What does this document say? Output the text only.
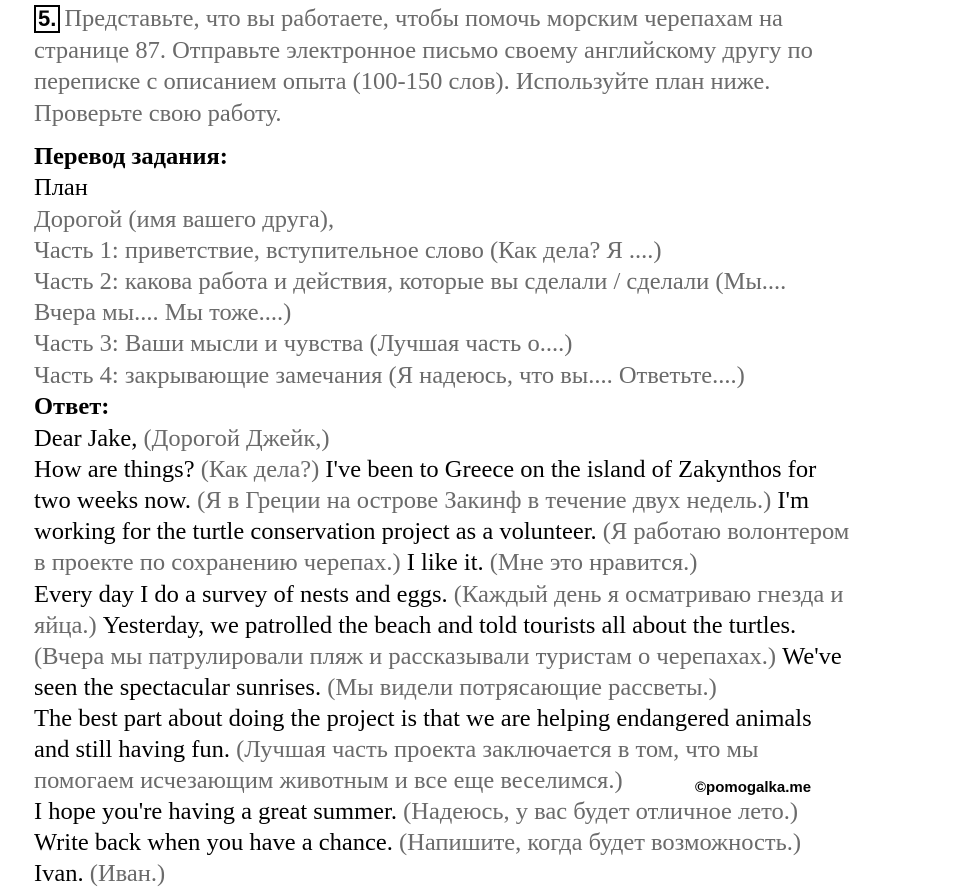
5. Представьте, что вы работаете, чтобы помочь морским черепахам на
странице 87. Отправьте электронное письмо своему английскому другу по
переписке с описанием опыта (100-150 слов). Используйте план ниже.
Проверьте свою работу.
Перевод задания:
План
Дорогой (имя вашего друга),
Часть 1: приветствие, вступительное слово (Как дела? Я ....)
Часть 2: какова работа и действия, которые вы сделали / сделали (Мы....
Вчера мы.... Мы тоже....)
Часть 3: Ваши мысли и чувства (Лучшая часть о....)
Часть 4: закрывающие замечания (Я надеюсь, что вы.... Ответьте....)
Ответ:
Dear Jake, (Дорогой Джейк,)
How are things? (Как дела?) I've been to Greece on the island of Zakynthos for
two weeks now. (Я в Греции на острове Закинф в течение двух недель.) I'm
working for the turtle conservation project as a volunteer. (Я работаю волонтером
в проекте по сохранению черепах.) I like it. (Мне это нравится.)
Every day I do a survey of nests and eggs. (Каждый день я осматриваю гнезда и
яйца.) Yesterday, we patrolled the beach and told tourists all about the turtles.
(Вчера мы патрулировали пляж и рассказывали туристам о черепахах.) We've
seen the spectacular sunrises. (Мы видели потрясающие рассветы.)
The best part about doing the project is that we are helping endangered animals
and still having fun. (Лучшая часть проекта заключается в том, что мы
помогаем исчезающим животным и все еще веселимся.)
I hope you're having a great summer. (Надеюсь, у вас будет отличное лето.)
Write back when you have a chance. (Напишите, когда будет возможность.)
Ivan. (Иван.)
©pomogalka.me
